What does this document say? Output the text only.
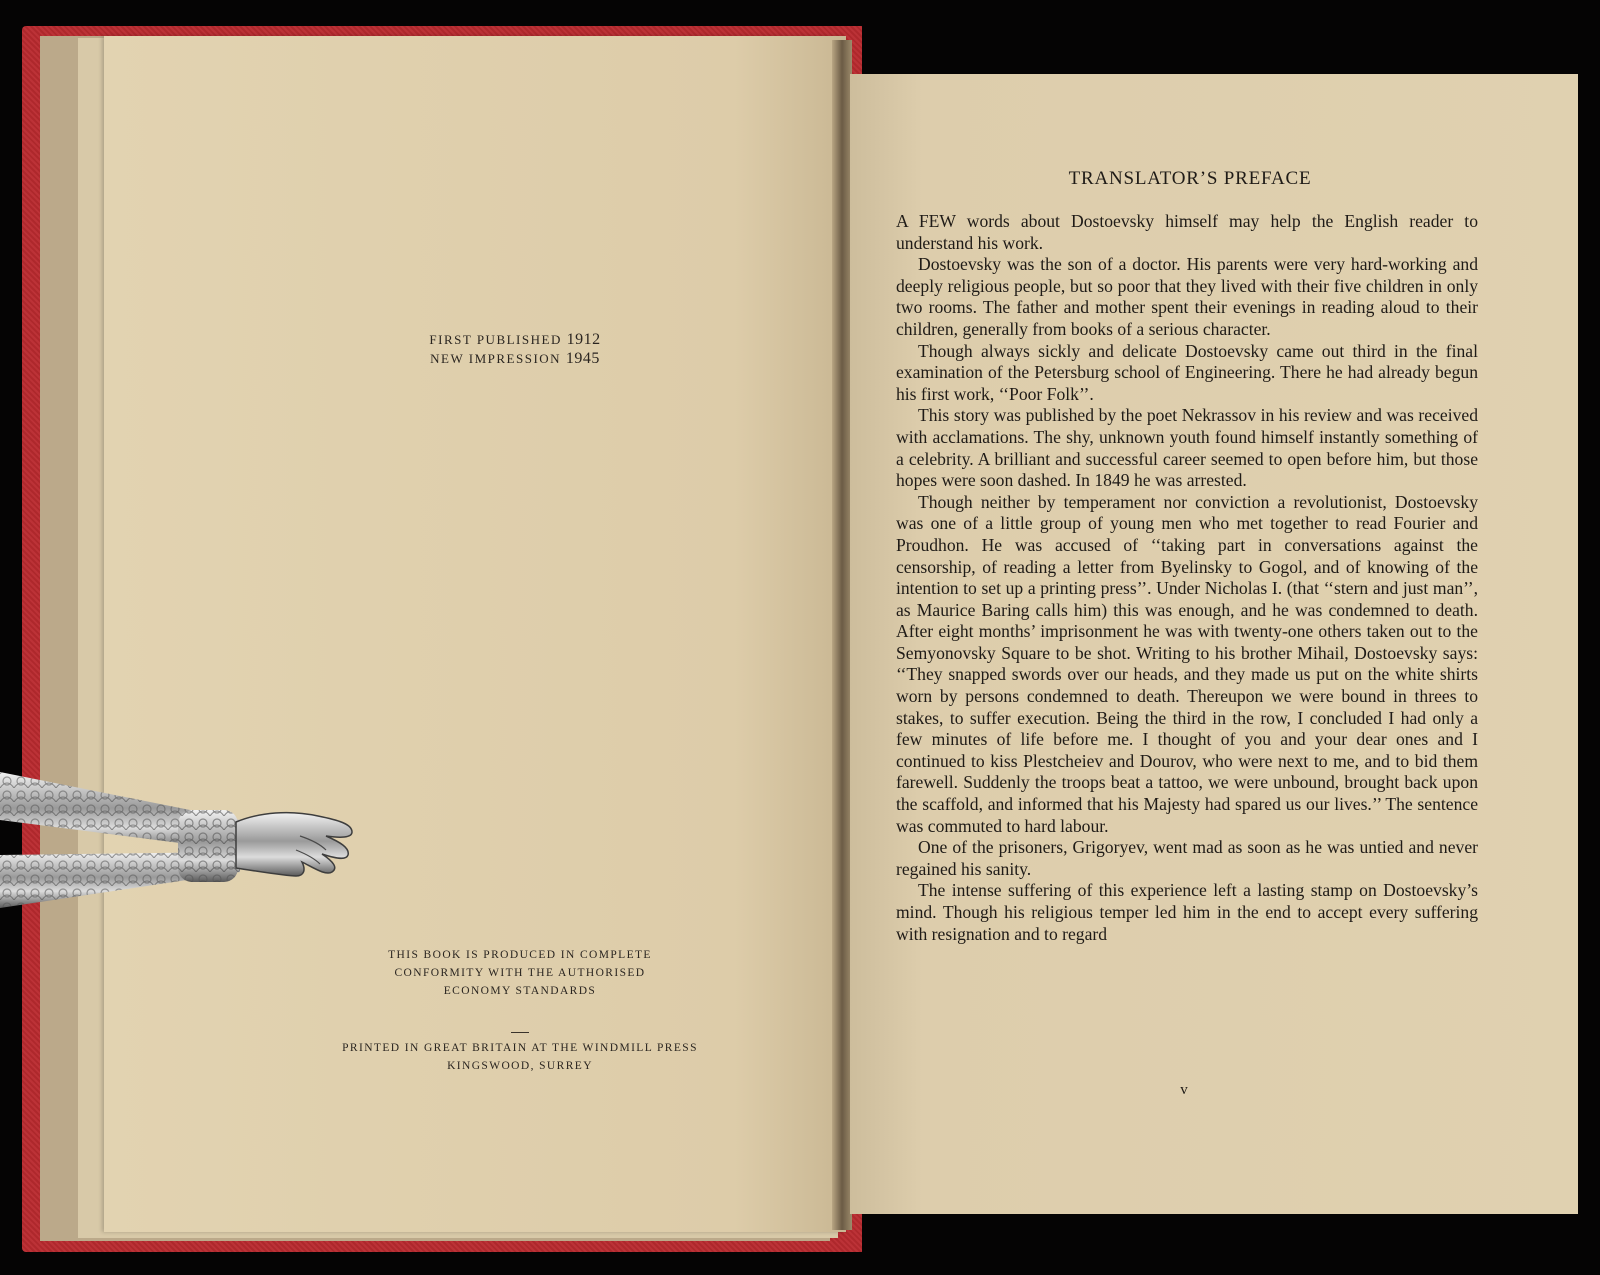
FIRST PUBLISHED 1912
NEW IMPRESSION 1945
THIS BOOK IS PRODUCED IN COMPLETE
CONFORMITY WITH THE AUTHORISED
ECONOMY STANDARDS
PRINTED IN GREAT BRITAIN AT THE WINDMILL PRESS
KINGSWOOD, SURREY
TRANSLATOR’S PREFACE

A FEW words about Dostoevsky himself may help the English reader to understand his work.

Dostoevsky was the son of a doctor. His parents were very hard-working and deeply religious people, but so poor that they lived with their five children in only two rooms. The father and mother spent their evenings in reading aloud to their children, generally from books of a serious character.

Though always sickly and delicate Dostoevsky came out third in the final examination of the Petersburg school of Engineering. There he had already begun his first work, ‘‘Poor Folk’’.

This story was published by the poet Nekrassov in his review and was received with acclamations. The shy, unknown youth found himself instantly something of a celebrity. A brilliant and successful career seemed to open before him, but those hopes were soon dashed. In 1849 he was arrested.

Though neither by temperament nor conviction a revolutionist, Dostoevsky was one of a little group of young men who met together to read Fourier and Proudhon. He was accused of ‘‘taking part in conversations against the censorship, of reading a letter from Byelinsky to Gogol, and of knowing of the intention to set up a printing press’’. Under Nicholas I. (that ‘‘stern and just man’’, as Maurice Baring calls him) this was enough, and he was condemned to death. After eight months’ imprisonment he was with twenty-one others taken out to the Semyonovsky Square to be shot. Writing to his brother Mihail, Dostoevsky says: ‘‘They snapped swords over our heads, and they made us put on the white shirts worn by persons condemned to death. Thereupon we were bound in threes to stakes, to suffer execution. Being the third in the row, I concluded I had only a few minutes of life before me. I thought of you and your dear ones and I continued to kiss Plestcheiev and Dourov, who were next to me, and to bid them farewell. Suddenly the troops beat a tattoo, we were unbound, brought back upon the scaffold, and informed that his Majesty had spared us our lives.’’ The sentence was commuted to hard labour.

One of the prisoners, Grigoryev, went mad as soon as he was untied and never regained his sanity.

The intense suffering of this experience left a lasting stamp on Dostoevsky’s mind. Though his religious temper led him in the end to accept every suffering with resignation and to regard

v
